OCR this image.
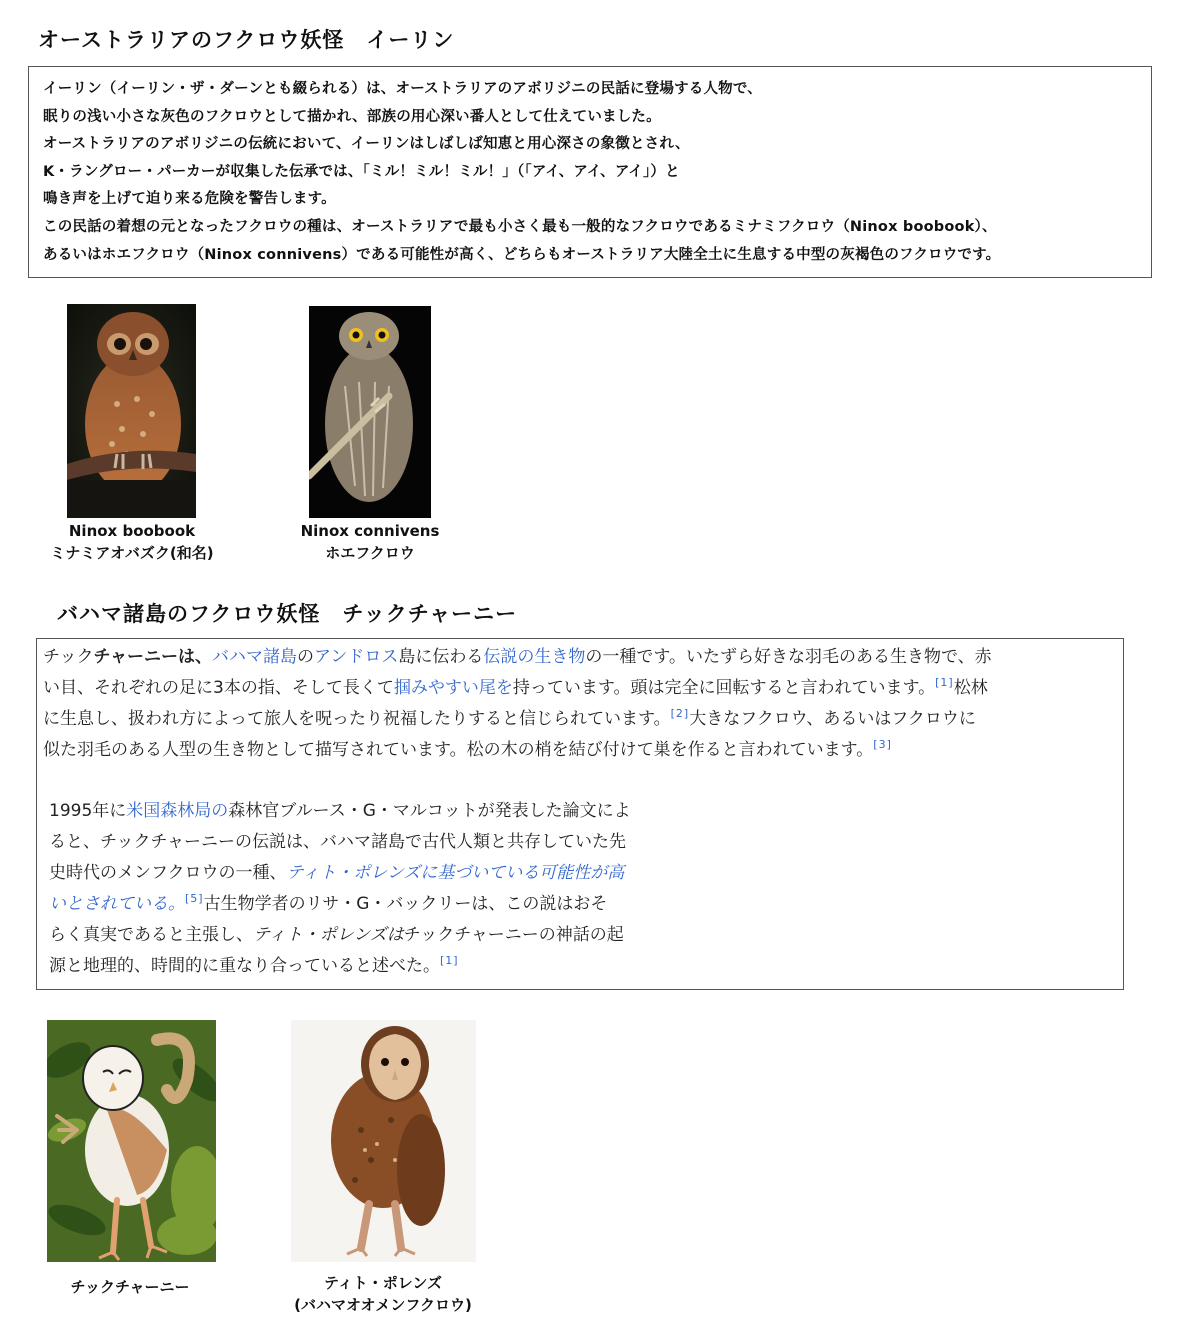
オーストラリアのフクロウ妖怪　イーリン
イーリン（イーリン・ザ・ダーンとも綴られる）は、オーストラリアのアボリジニの民話に登場する人物で、
眠りの浅い小さな灰色のフクロウとして描かれ、部族の用心深い番人として仕えていました。
オーストラリアのアボリジニの伝統において、イーリンはしばしば知恵と用心深さの象徴とされ、
K・ラングロー・パーカーが収集した伝承では、「ミル！ミル！ミル！」（「アイ、アイ、アイ」）と
鳴き声を上げて迫り来る危険を警告します。
この民話の着想の元となったフクロウの種は、オーストラリアで最も小さく最も一般的なフクロウであるミナミフクロウ（Ninox boobook）、
あるいはホエフクロウ（Ninox connivens）である可能性が高く、どちらもオーストラリア大陸全土に生息する中型の灰褐色のフクロウです。
Ninox boobook
ミナミアオバズク(和名)
Ninox connivens
ホエフクロウ
バハマ諸島のフクロウ妖怪　チックチャーニー
チックチャーニーは、バハマ諸島のアンドロス島に伝わる伝説の生き物の一種です。いたずら好きな羽毛のある生き物で、赤
い目、それぞれの足に3本の指、そして長くて掴みやすい尾を持っています。頭は完全に回転すると言われています。[1]松林
に生息し、扱われ方によって旅人を呪ったり祝福したりすると信じられています。[2]大きなフクロウ、あるいはフクロウに
似た羽毛のある人型の生き物として描写されています。松の木の梢を結び付けて巣を作ると言われています。[3]
1995年に米国森林局の森林官ブルース・G・マルコットが発表した論文によ
ると、チックチャーニーの伝説は、バハマ諸島で古代人類と共存していた先
史時代のメンフクロウの一種、ティト・ポレンズに基づいている可能性が高
いとされている。[5]古生物学者のリサ・G・バックリーは、この説はおそ
らく真実であると主張し、ティト・ポレンズはチックチャーニーの神話の起
源と地理的、時間的に重なり合っていると述べた。[1]
チックチャーニー	ティト・ポレンズ
(バハマオオメンフクロウ)
